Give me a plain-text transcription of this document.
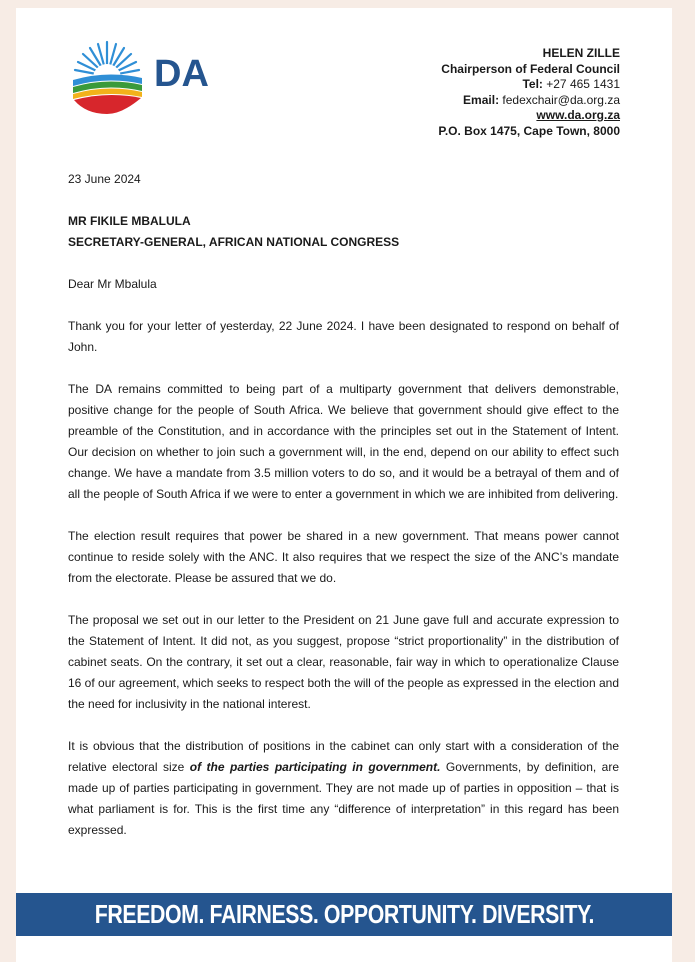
DA	HELEN ZILLE
Chairperson of Federal Council
Tel: +27 465 1431
Email: fedexchair@da.org.za
www.da.org.za
P.O. Box 1475, Cape Town, 8000

23 June 2024

MR FIKILE MBALULA

SECRETARY-GENERAL, AFRICAN NATIONAL CONGRESS

Dear Mr Mbalula

Thank you for your letter of yesterday, 22 June 2024. I have been designated to respond on behalf of John.

The DA remains committed to being part of a multiparty government that delivers demonstrable, positive change for the people of South Africa. We believe that government should give effect to the preamble of the Constitution, and in accordance with the principles set out in the Statement of Intent. Our decision on whether to join such a government will, in the end, depend on our ability to effect such change. We have a mandate from 3.5 million voters to do so, and it would be a betrayal of them and of all the people of South Africa if we were to enter a government in which we are inhibited from delivering.

The election result requires that power be shared in a new government. That means power cannot continue to reside solely with the ANC. It also requires that we respect the size of the ANC’s mandate from the electorate. Please be assured that we do.

The proposal we set out in our letter to the President on 21 June gave full and accurate expression to the Statement of Intent. It did not, as you suggest, propose “strict proportionality” in the distribution of cabinet seats. On the contrary, it set out a clear, reasonable, fair way in which to operationalize Clause 16 of our agreement, which seeks to respect both the will of the people as expressed in the election and the need for inclusivity in the national interest.

It is obvious that the distribution of positions in the cabinet can only start with a consideration of the relative electoral size of the parties participating in government. Governments, by definition, are made up of parties participating in government. They are not made up of parties in opposition – that is what parliament is for. This is the first time any “difference of interpretation” in this regard has been expressed.

FREEDOM. FAIRNESS. OPPORTUNITY. DIVERSITY.
